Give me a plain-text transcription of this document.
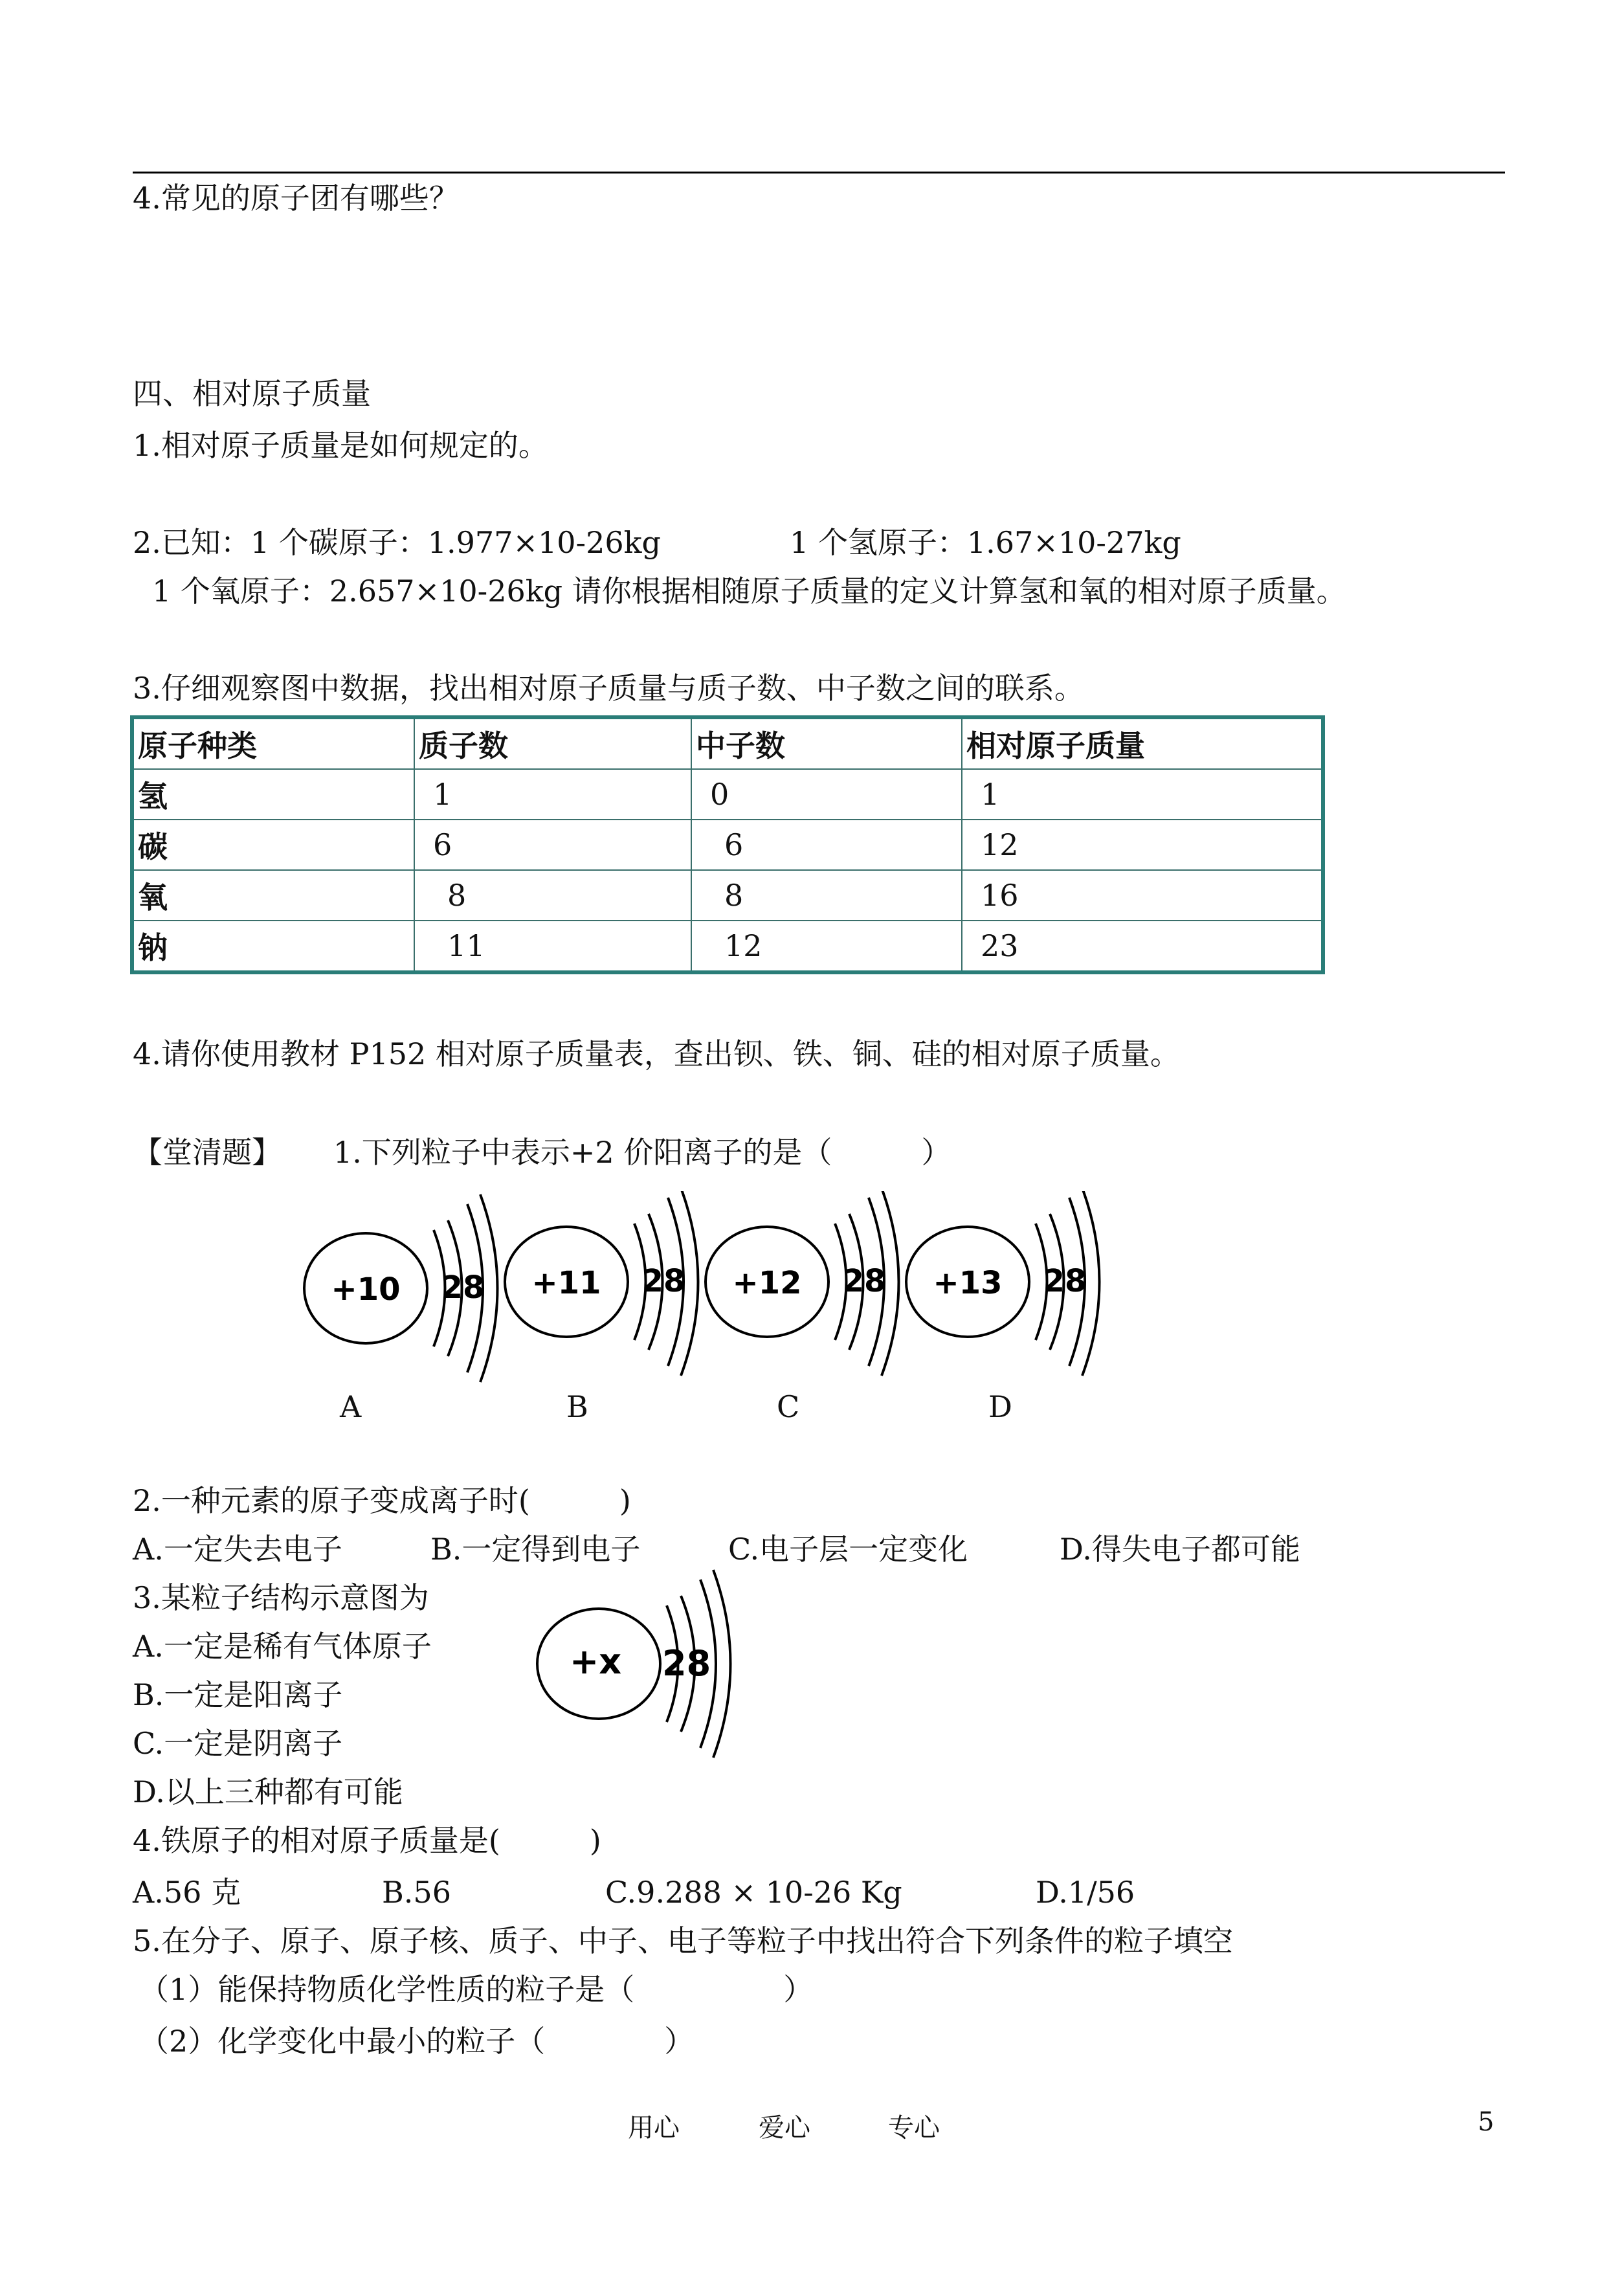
4.常见的原子团有哪些？
四、相对原子质量
1.相对原子质量是如何规定的。
2.已知：1 个碳原子：1.977×10-26kg	1 个氢原子：1.67×10-27kg
1 个氧原子：2.657×10-26kg 请你根据相随原子质量的定义计算氢和氧的相对原子质量。
3.仔细观察图中数据，找出相对原子质量与质子数、中子数之间的联系。
原子种类	质子数	中子数	相对原子质量
氢	1	0	1
碳	6	6	12
氧	8	8	16
钠	11	12	23
4.请你使用教材 P152 相对原子质量表，查出钡、铁、铜、硅的相对原子质量。
【堂清题】 1.下列粒子中表示+2 价阳离子的是（　　　）
+10 28 +11 28 +12 28 +13 28
A	B	C	D
2.一种元素的原子变成离子时(　　　)
A.一定失去电子	B.一定得到电子	C.电子层一定变化	D.得失电子都可能
3.某粒子结构示意图为
A.一定是稀有气体原子
B.一定是阳离子
C.一定是阴离子
D.以上三种都有可能
+x 28
4.铁原子的相对原子质量是(　　　)
A.56 克	B.56	C.9.288 × 10-26 Kg	D.1/56
5.在分子、原子、原子核、质子、中子、电子等粒子中找出符合下列条件的粒子填空
（1）能保持物质化学性质的粒子是（　　　　　）
（2）化学变化中最小的粒子（　　　　）
用心	爱心	专心	5
